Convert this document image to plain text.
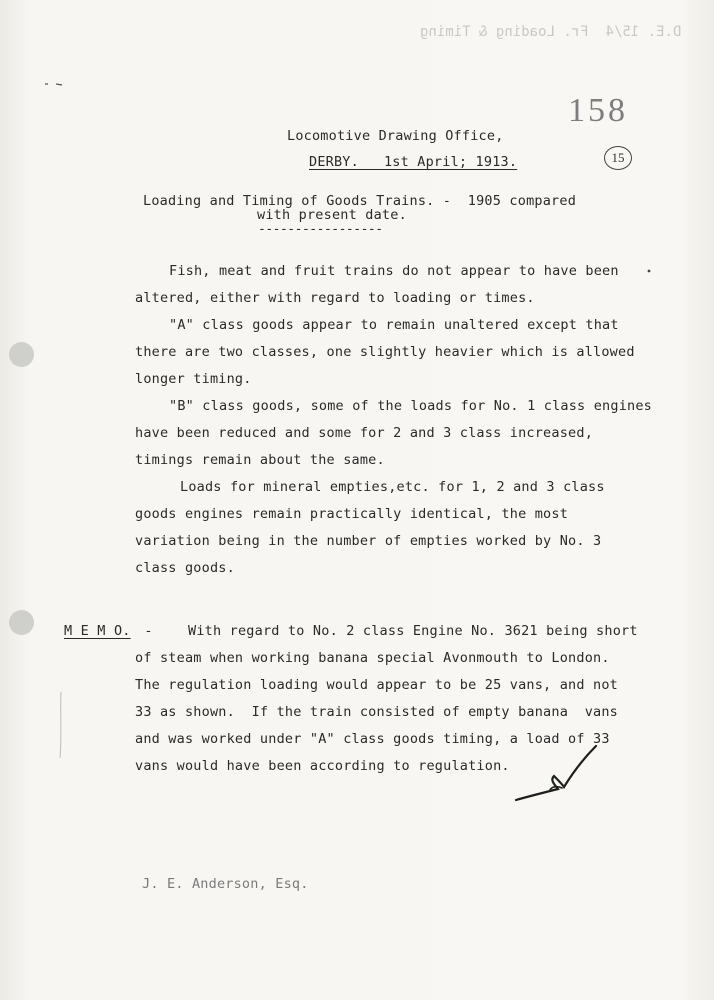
D.E. 15/4  Fr. Loading & Timing
158
15
Locomotive Drawing Office,
DERBY.   1st April; 1913.
Loading and Timing of Goods Trains. -  1905 compared
with present date.
-----------------
Fish, meat and fruit trains do not appear to have been
altered, either with regard to loading or times.
"A" class goods appear to remain unaltered except that
there are two classes, one slightly heavier which is allowed
longer timing.
"B" class goods, some of the loads for No. 1 class engines
have been reduced and some for 2 and 3 class increased,
timings remain about the same.
Loads for mineral empties,etc. for 1, 2 and 3 class
goods engines remain practically identical, the most
variation being in the number of empties worked by No. 3
class goods.
M E M O. -	With regard to No. 2 class Engine No. 3621 being short
of steam when working banana special Avonmouth to London.
The regulation loading would appear to be 25 vans, and not
33 as shown.  If the train consisted of empty banana  vans
and was worked under "A" class goods timing, a load of 33
vans would have been according to regulation.
J. E. Anderson, Esq.
